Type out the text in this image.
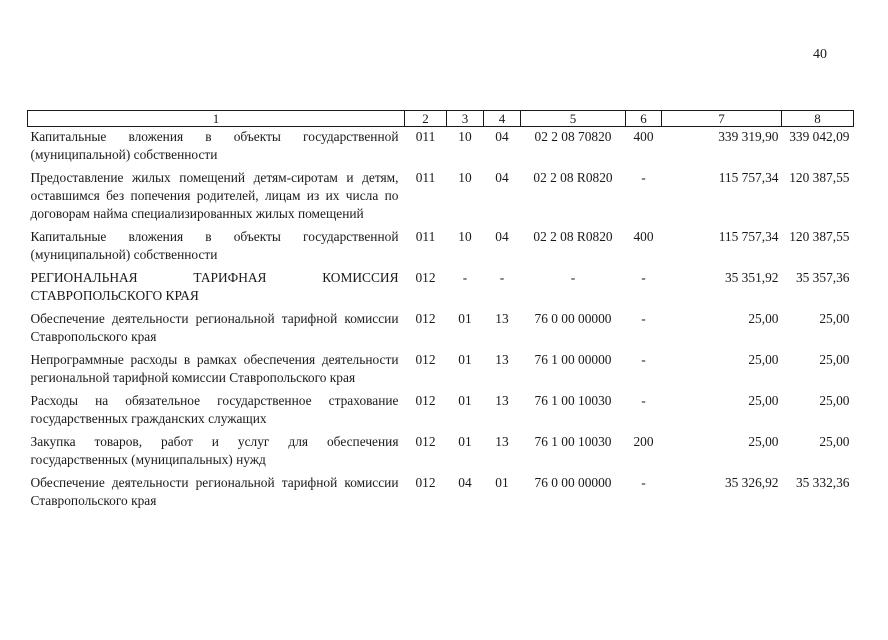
40
1	2	3	4	5	6	7	8
Капитальные вложения в объекты государственной (муниципальной) собственности	011	10	04	02 2 08 70820	400	339 319,90	339 042,09
Предоставление жилых помещений детям-сиротам и детям, оставшимся без попечения родителей, лицам из их числа по договорам найма специализированных жилых помещений	011	10	04	02 2 08 R0820	-	115 757,34	120 387,55
Капитальные вложения в объекты государственной (муниципальной) собственности	011	10	04	02 2 08 R0820	400	115 757,34	120 387,55
РЕГИОНАЛЬНАЯ ТАРИФНАЯ КОМИССИЯ СТАВРОПОЛЬСКОГО КРАЯ	012	-	-	-	-	35 351,92	35 357,36
Обеспечение деятельности региональной тарифной комиссии Ставропольского края	012	01	13	76 0 00 00000	-	25,00	25,00
Непрограммные расходы в рамках обеспечения деятельности региональной тарифной комиссии Ставропольского края	012	01	13	76 1 00 00000	-	25,00	25,00
Расходы на обязательное государственное страхование государственных гражданских служащих	012	01	13	76 1 00 10030	-	25,00	25,00
Закупка товаров, работ и услуг для обеспечения государственных (муниципальных) нужд	012	01	13	76 1 00 10030	200	25,00	25,00
Обеспечение деятельности региональной тарифной комиссии Ставропольского края	012	04	01	76 0 00 00000	-	35 326,92	35 332,36
